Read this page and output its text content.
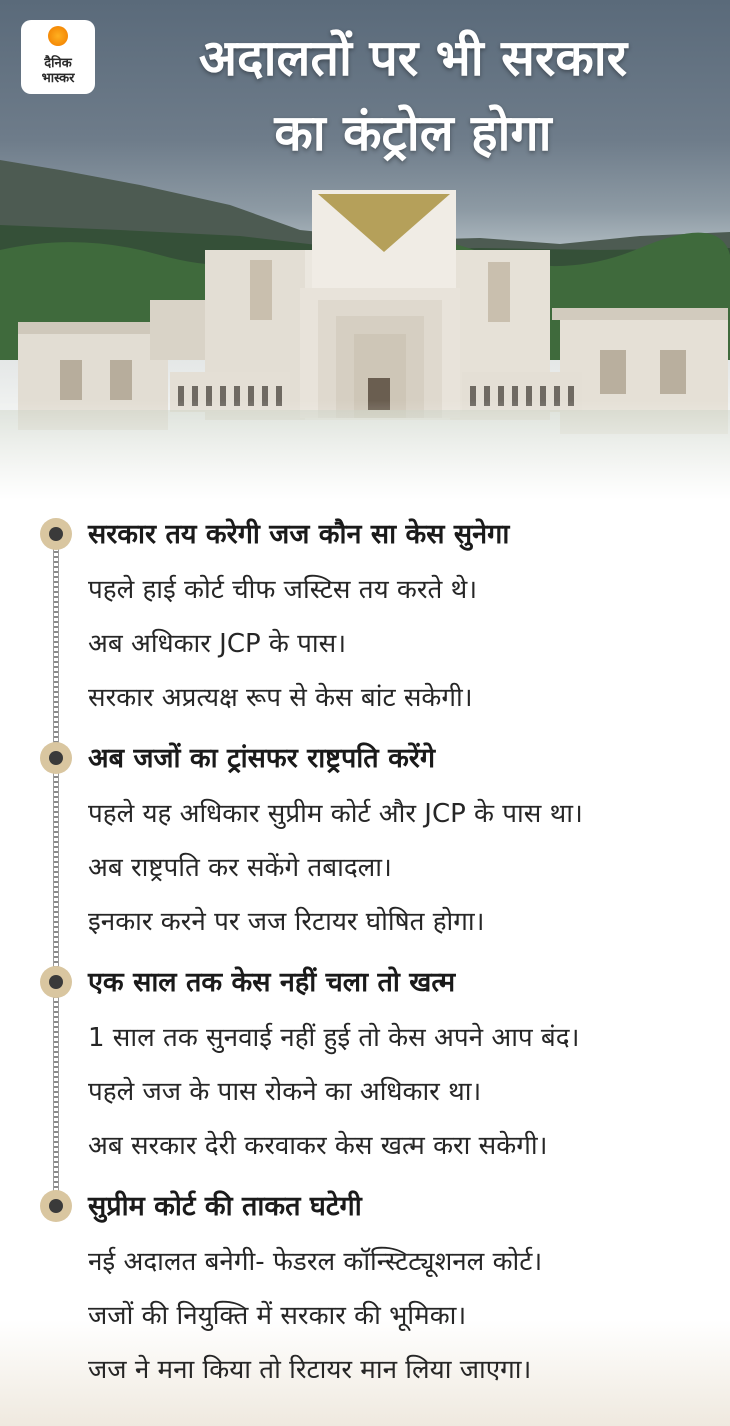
दैनिक
भास्कर	अदालतों पर भी सरकार
का कंट्रोल होगा
सरकार तय करेगी जज कौन सा केस सुनेगा
पहले हाई कोर्ट चीफ जस्टिस तय करते थे।
अब अधिकार JCP के पास।
सरकार अप्रत्यक्ष रूप से केस बांट सकेगी।
अब जजों का ट्रांसफर राष्ट्रपति करेंगे
पहले यह अधिकार सुप्रीम कोर्ट और JCP के पास था।
अब राष्ट्रपति कर सकेंगे तबादला।
इनकार करने पर जज रिटायर घोषित होगा।
एक साल तक केस नहीं चला तो खत्म
1 साल तक सुनवाई नहीं हुई तो केस अपने आप बंद।
पहले जज के पास रोकने का अधिकार था।
अब सरकार देरी करवाकर केस खत्म करा सकेगी।
सुप्रीम कोर्ट की ताकत घटेगी
नई अदालत बनेगी- फेडरल कॉन्स्टिट्यूशनल कोर्ट।
जजों की नियुक्ति में सरकार की भूमिका।
जज ने मना किया तो रिटायर मान लिया जाएगा।
